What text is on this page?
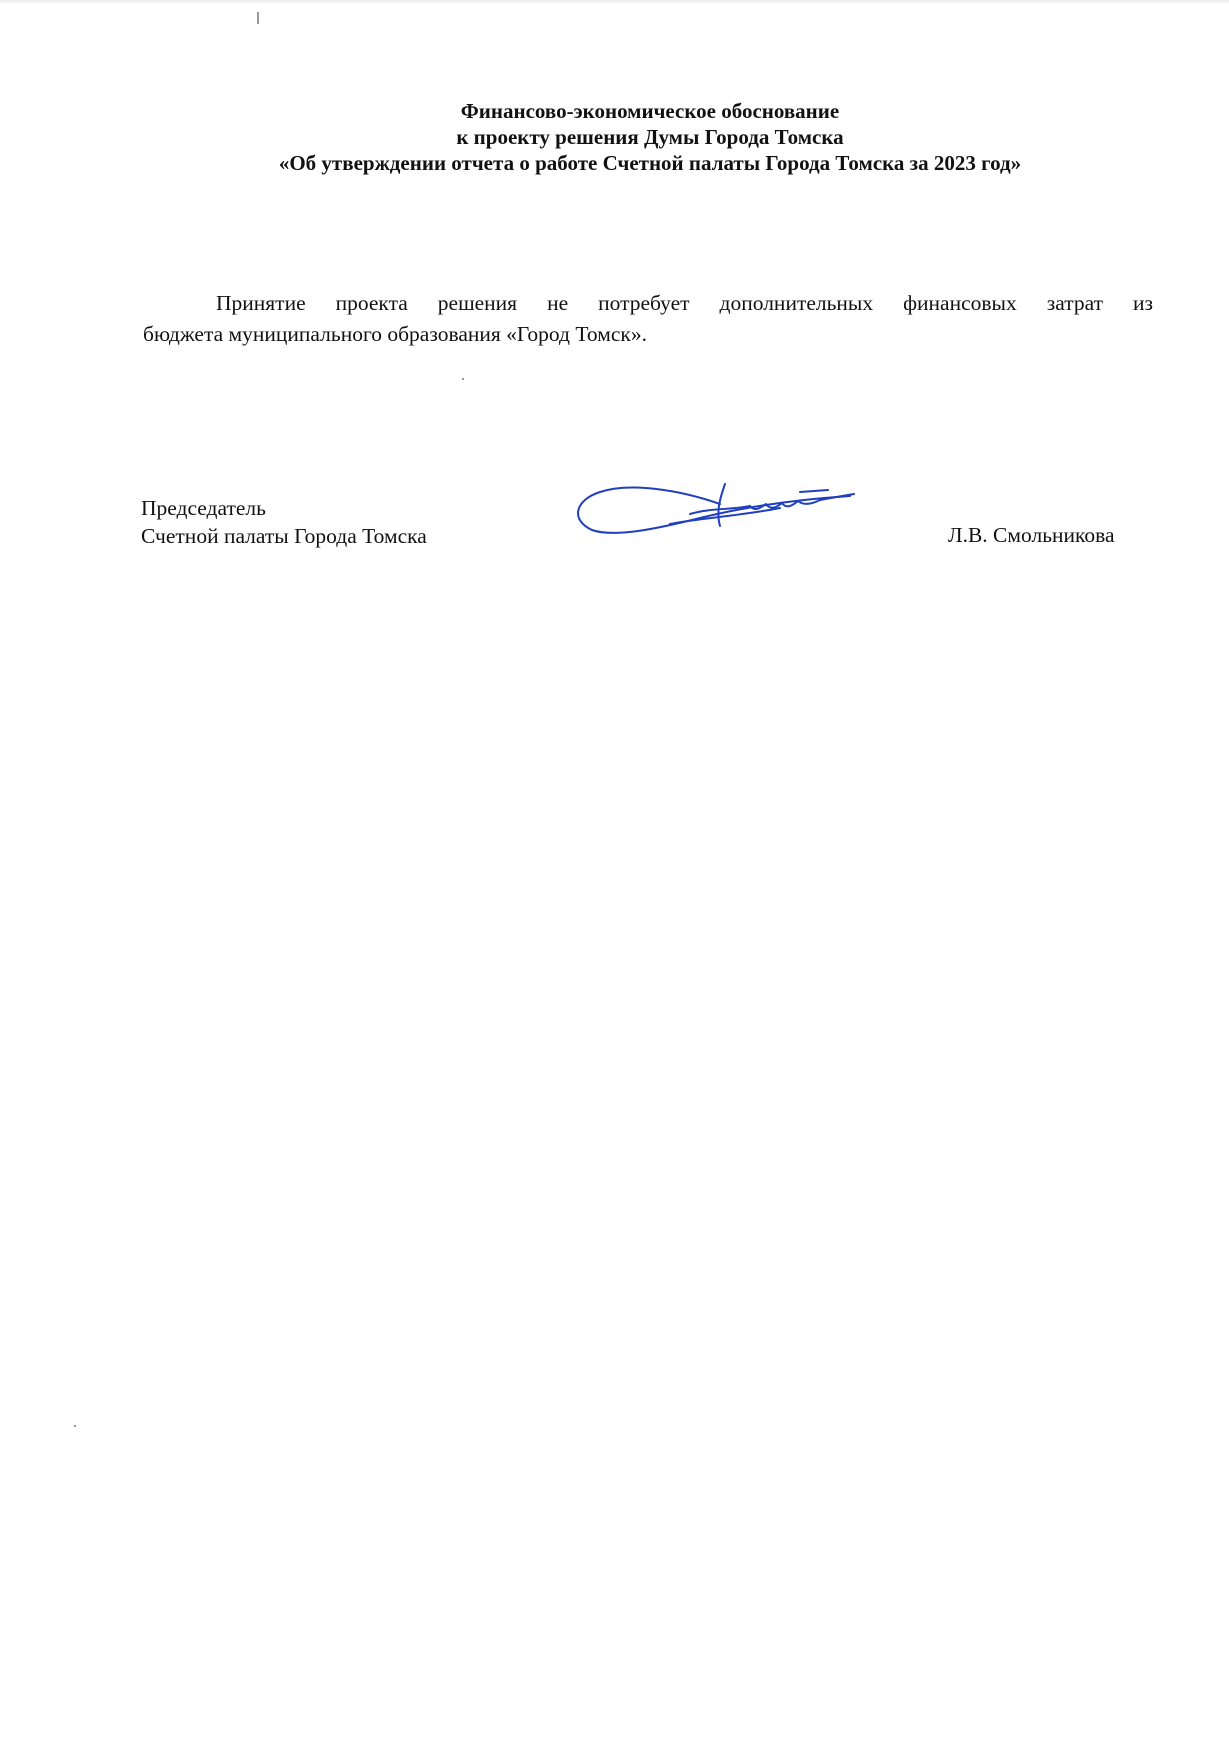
Финансово-экономическое обоснование
к проекту решения Думы Города Томска
«Об утверждении отчета о работе Счетной палаты Города Томска за 2023 год»
Принятие проекта решения не потребует дополнительных финансовых затрат из
бюджета муниципального образования «Город Томск».
Председатель
Счетной палаты Города Томска	Л.В. Смольникова
